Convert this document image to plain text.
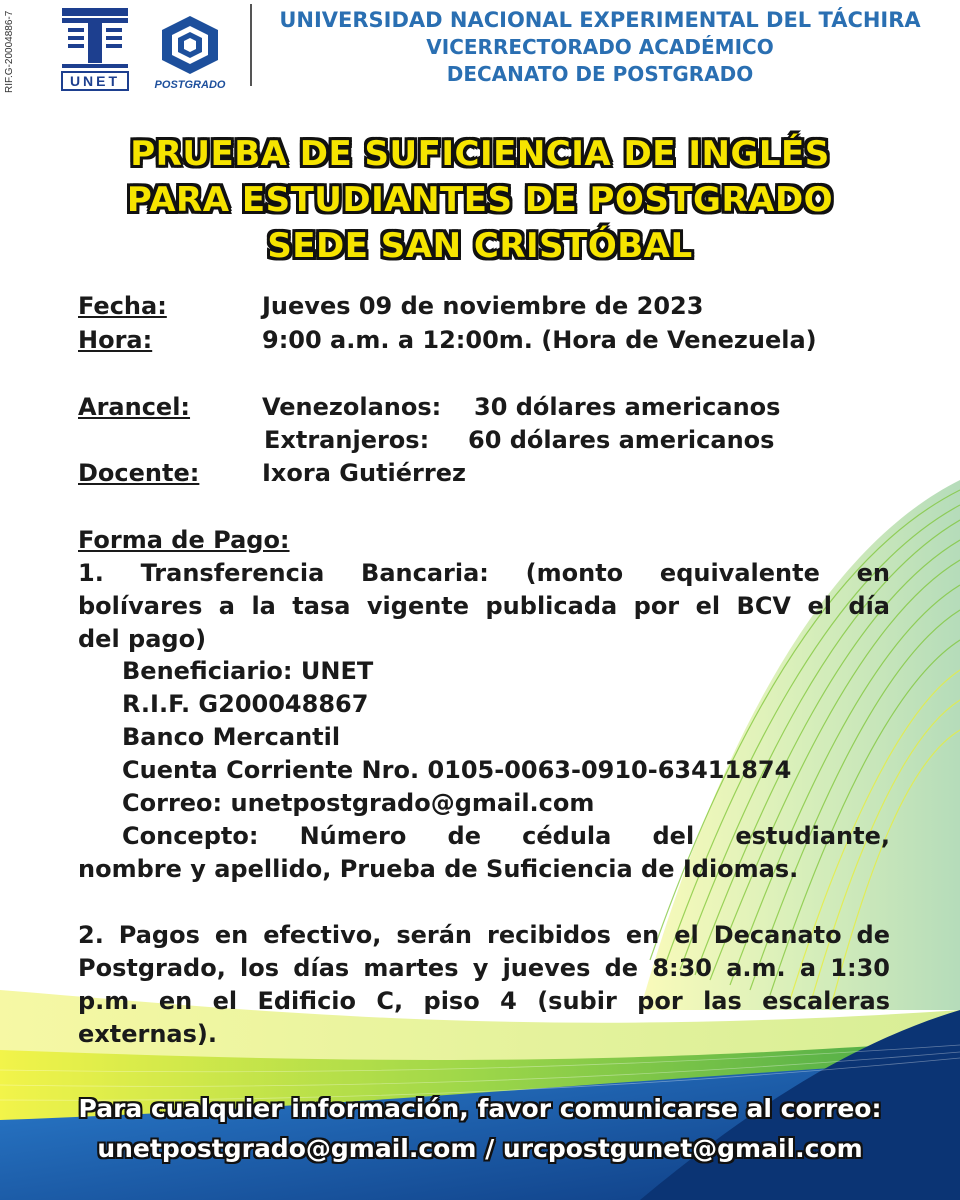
RIF.G-20004886-7	UNET	POSTGRADO
UNIVERSIDAD NACIONAL EXPERIMENTAL DEL TÁCHIRA
VICERRECTORADO ACADÉMICO
DECANATO DE POSTGRADO
PRUEBA DE SUFICIENCIA DE INGLÉS
PARA ESTUDIANTES DE POSTGRADO
SEDE SAN CRISTÓBAL
Fecha:	Jueves 09 de noviembre de 2023
Hora:	9:00 a.m. a 12:00m. (Hora de Venezuela)
Arancel:	Venezolanos: 30 dólares americanos
Extranjeros: 60 dólares americanos
Docente:	Ixora Gutiérrez
Forma de Pago:
1. Transferencia Bancaria: (monto equivalente en
bolívares a la tasa vigente publicada por el BCV el día
del pago)
Beneficiario: UNET
R.I.F. G200048867
Banco Mercantil
Cuenta Corriente Nro. 0105-0063-0910-63411874
Correo: unetpostgrado@gmail.com
Concepto: Número de cédula del estudiante,
nombre y apellido, Prueba de Suficiencia de Idiomas.
2. Pagos en efectivo, serán recibidos en el Decanato de
Postgrado, los días martes y jueves de 8:30 a.m. a 1:30
p.m. en el Edificio C, piso 4 (subir por las escaleras
externas).
Para cualquier información, favor comunicarse al correo:
unetpostgrado@gmail.com / urcpostgunet@gmail.com
